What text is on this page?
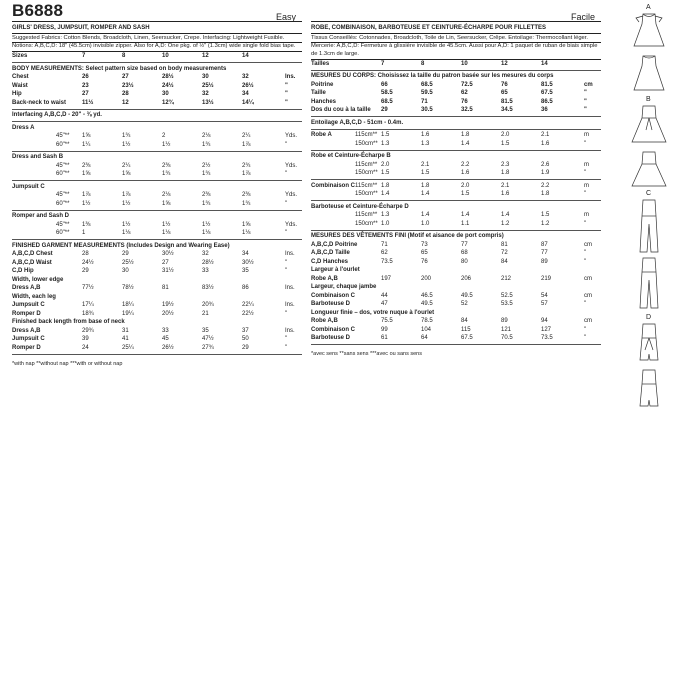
B6888	Easy
GIRLS' DRESS, JUMPSUIT, ROMPER AND SASH
Suggested Fabrics: Cotton Blends, Broadcloth, Linen, Seersucker, Crepe. Interfacing: Lightweight Fusible.
Notions: A,B,C,D: 18" (45.5cm) invisible zipper. Also for A,D: One pkg. of ½" (1.3cm) wide single fold bias tape.
Sizes	7	8	10	12	14
BODY MEASUREMENTS: Select pattern size based on body measurements
Chest	26	27	28½	30	32	Ins.
Waist	23	23½	24½	25½	26½	"
Hip	27	28	30	32	34	"
Back-neck to waist	11½	12	12¾	13½	14¼	"
Interfacing A,B,C,D - 20" - ⅜ yd.
Dress A
45"** 1⅝	1¾	2	2⅛	2¼	Yds.
60"** 1¼	1½	1½	1¾	1⅞	"
Dress and Sash B
45"** 2⅜	2¼	2⅜	2½	2¾	Yds.
60"** 1⅝	1⅝	1¾	1¾	1⅞	"
Jumpsuit C
45"** 1⅞	1⅞	2⅛	2⅜	2⅜	Yds.
60"** 1½	1½	1⅝	1¾	1¾	"
Romper and Sash D
45"** 1⅜	1½	1½	1½	1⅝	Yds.
60"** 1	1⅛	1⅛	1⅛	1⅛	"
FINISHED GARMENT MEASUREMENTS (Includes Design and Wearing Ease)
A,B,C,D Chest	28	29	30½	32	34	Ins.
A,B,C,D Waist	24½	25½	27	28½	30½	"
C,D Hip	29	30	31½	33	35	"
Width, lower edge
Dress A,B	77½	78½	81	83½	86	Ins.
Width, each leg
Jumpsuit C	17¼	18¼	19½	20¾	22¼	Ins.
Romper D	18¾	19¼	20½	21	22½	"
Finished back length from base of neck
Dress A,B	29¾	31	33	35	37	Ins.
Jumpsuit C	39	41	45	47½	50	"
Romper D	24	25¼	26½	27¾	29	"
*with nap **without nap ***with or without nap
Facile
ROBE, COMBINAISON, BARBOTEUSE ET CEINTURE-ÉCHARPE POUR FILLETTES
Tissus Conseillés: Cotonnades, Broadcloth, Toile de Lin, Seersucker, Crêpe. Entoilage: Thermocollant léger.
Mercerie: A,B,C,D: Fermeture à glissière invisible de 45.5cm. Aussi pour A,D: 1 paquet de ruban de biais simple de 1.3cm de large.
Tailles	7	8	10	12	14
MESURES DU CORPS: Choisissez la taille du patron basée sur les mesures du corps
Poitrine	66	68.5	72.5	76	81.5	cm
Taille	58.5	59.5	62	65	67.5	"
Hanches	68.5	71	76	81.5	86.5	"
Dos du cou à la taille 29	30.5	32.5	34.5	36	"
Entoilage A,B,C,D - 51cm - 0.4m.
Robe A	115cm** 1.5	1.6	1.8	2.0	2.1	m
150cm** 1.3	1.3	1.4	1.5	1.6	"
Robe et Ceinture-Écharpe B
115cm** 2.0	2.1	2.2	2.3	2.6	m
150cm** 1.5	1.5	1.6	1.8	1.9	"
Combinaison C 115cm** 1.8	1.8	2.0	2.1	2.2	m
150cm** 1.4	1.4	1.5	1.6	1.8	"
Barboteuse et Ceinture-Écharpe D
115cm** 1.3	1.4	1.4	1.4	1.5	m
150cm** 1.0	1.0	1.1	1.2	1.2	"
MESURES DES VÊTEMENTS FINI (Motif et aisance de port compris)
A,B,C,D Poitrine	71	73	77	81	87	cm
A,B,C,D Taille	62	65	68	72	77	"
C,D Hanches	73.5	76	80	84	89	"
Largeur à l'ourlet
Robe A,B	197	200	206	212	219	cm
Largeur, chaque jambe
Combinaison C	44	46.5	49.5	52.5	54	cm
Barboteuse D	47	49.5	52	53.5	57	"
Longueur finie – dos, votre nuque à l'ourlet
Robe A,B	75.5	78.5	84	89	94	cm
Combinaison C	99	104	115	121	127	"
Barboteuse D	61	64	67.5	70.5	73.5	"
*avec sens **sans sens ***avec ou sans sens
A
B
C
D
